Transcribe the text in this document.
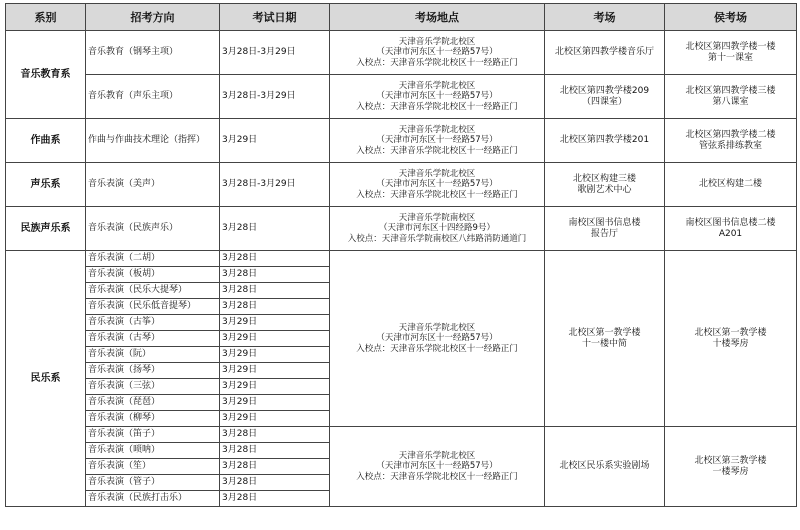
系别	招考方向	考试日期	考场地点	考场	侯考场
音乐教育系	音乐教育（钢琴主项）	3月28日-3月29日	天津音乐学院北校区
（天津市河东区十一经路57号）
入校点：天津音乐学院北校区十一经路正门	北校区第四教学楼音乐厅	北校区第四教学楼一楼
第十一课室

	音乐教育（声乐主项）	3月28日-3月29日	天津音乐学院北校区
（天津市河东区十一经路57号）
入校点：天津音乐学院北校区十一经路正门	北校区第四教学楼209
（四课室）	北校区第四教学楼三楼
第八课室

作曲系	作曲与作曲技术理论（指挥）	3月29日	天津音乐学院北校区
（天津市河东区十一经路57号）
入校点：天津音乐学院北校区十一经路正门	北校区第四教学楼201	北校区第四教学楼二楼
管弦系排练教室

声乐系	音乐表演（美声）	3月28日-3月29日	天津音乐学院北校区
（天津市河东区十一经路57号）
入校点：天津音乐学院北校区十一经路正门	北校区构建三楼
歌剧艺术中心	北校区构建二楼

民族声乐系	音乐表演（民族声乐）	3月28日	天津音乐学院南校区
（天津市河东区十四经路9号）
入校点：天津音乐学院南校区八纬路消防通道门	南校区图书信息楼
报告厅	南校区图书信息楼二楼
A201

民乐系	音乐表演（二胡）	3月28日	天津音乐学院北校区
（天津市河东区十一经路57号）
入校点：天津音乐学院北校区十一经路正门	北校区第一教学楼
十一楼中简	北校区第一教学楼
十楼琴房

	音乐表演（板胡）	3月28日			
	音乐表演（民乐大提琴）	3月28日			
	音乐表演（民乐低音提琴）	3月28日			
	音乐表演（古筝）	3月29日			
	音乐表演（古琴）	3月29日			
	音乐表演（阮）	3月29日			
	音乐表演（扬琴）	3月29日			
	音乐表演（三弦）	3月29日			
	音乐表演（琵琶）	3月29日			
	音乐表演（柳琴）	3月29日			
	音乐表演（笛子）	3月28日	天津音乐学院北校区
（天津市河东区十一经路57号）
入校点：天津音乐学院北校区十一经路正门	北校区民乐系实验剧场	北校区第三教学楼
一楼琴房

	音乐表演（唢呐）	3月28日			
	音乐表演（笙）	3月28日			
	音乐表演（管子）	3月28日			
	音乐表演（民族打击乐）	3月28日			
